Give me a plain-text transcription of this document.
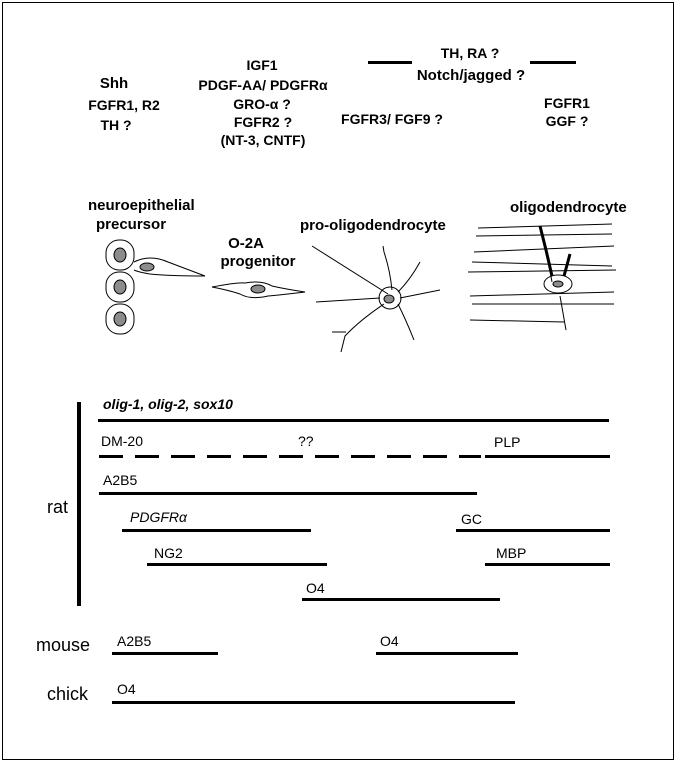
Shh
FGFR1, R2
TH ?
IGF1
PDGF-AA/ PDGFRα
GRO-α ?
FGFR2 ?
(NT-3, CNTF)
FGFR3/ FGF9 ?
TH, RA ?
Notch/jagged ?
FGFR1
GGF ?
neuroepithelial
precursor
O-2A
progenitor
pro-oligodendrocyte
oligodendrocyte
rat
olig-1, olig-2, sox10
DM-20	??	PLP
A2B5
PDGFRα	GC
NG2	MBP
O4
mouse A2B5	O4
chick O4
